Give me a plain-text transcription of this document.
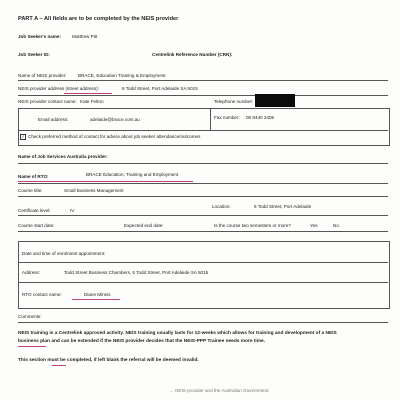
PART A – All fields are to be completed by the NEIS provider
Job Seeker's name: Matthew Pitt
Job Seeker ID:	Centrelink Reference Number (CRN):
Name of NEIS provider: BRACE, Education Training & Employment
NEIS provider address (street address):	6 Todd Street, Port Adelaide SA 5015
NEIS provider contact name: Kate Felton	Telephone number:
Email address:	adelaide@brace.com.au	Fax number: 08 8440 2405
✓ Check preferred method of contact for advice about job seeker attendance/outcomes
Name of Job Services Australia provider:
Name of RTO:	BRACE Education, Training and Employment
Course title:	Small Business Management
Certificate level:	IV
Location:	6 Todd Street, Port Adelaide
Course start date:	Expected end date:	Is the course two semesters or more?	Yes	No
Date and time of enrolment appointment:
Address:	Todd Street Business Chambers, 6 Todd Street, Port Adelaide SA 5015
RTO contact name:	Diane Minnis
Comments:
NEIS training is a Centrelink approved activity. NEIS training usually lasts for 12-weeks which allows for training and development of a NEIS
business plan and can be extended if the NEIS provider decides that the NEIS-PPP Trainee needs more time.
This section must be completed, if left blank the referral will be deemed invalid.
... NEIS provider and the Australian Government.
